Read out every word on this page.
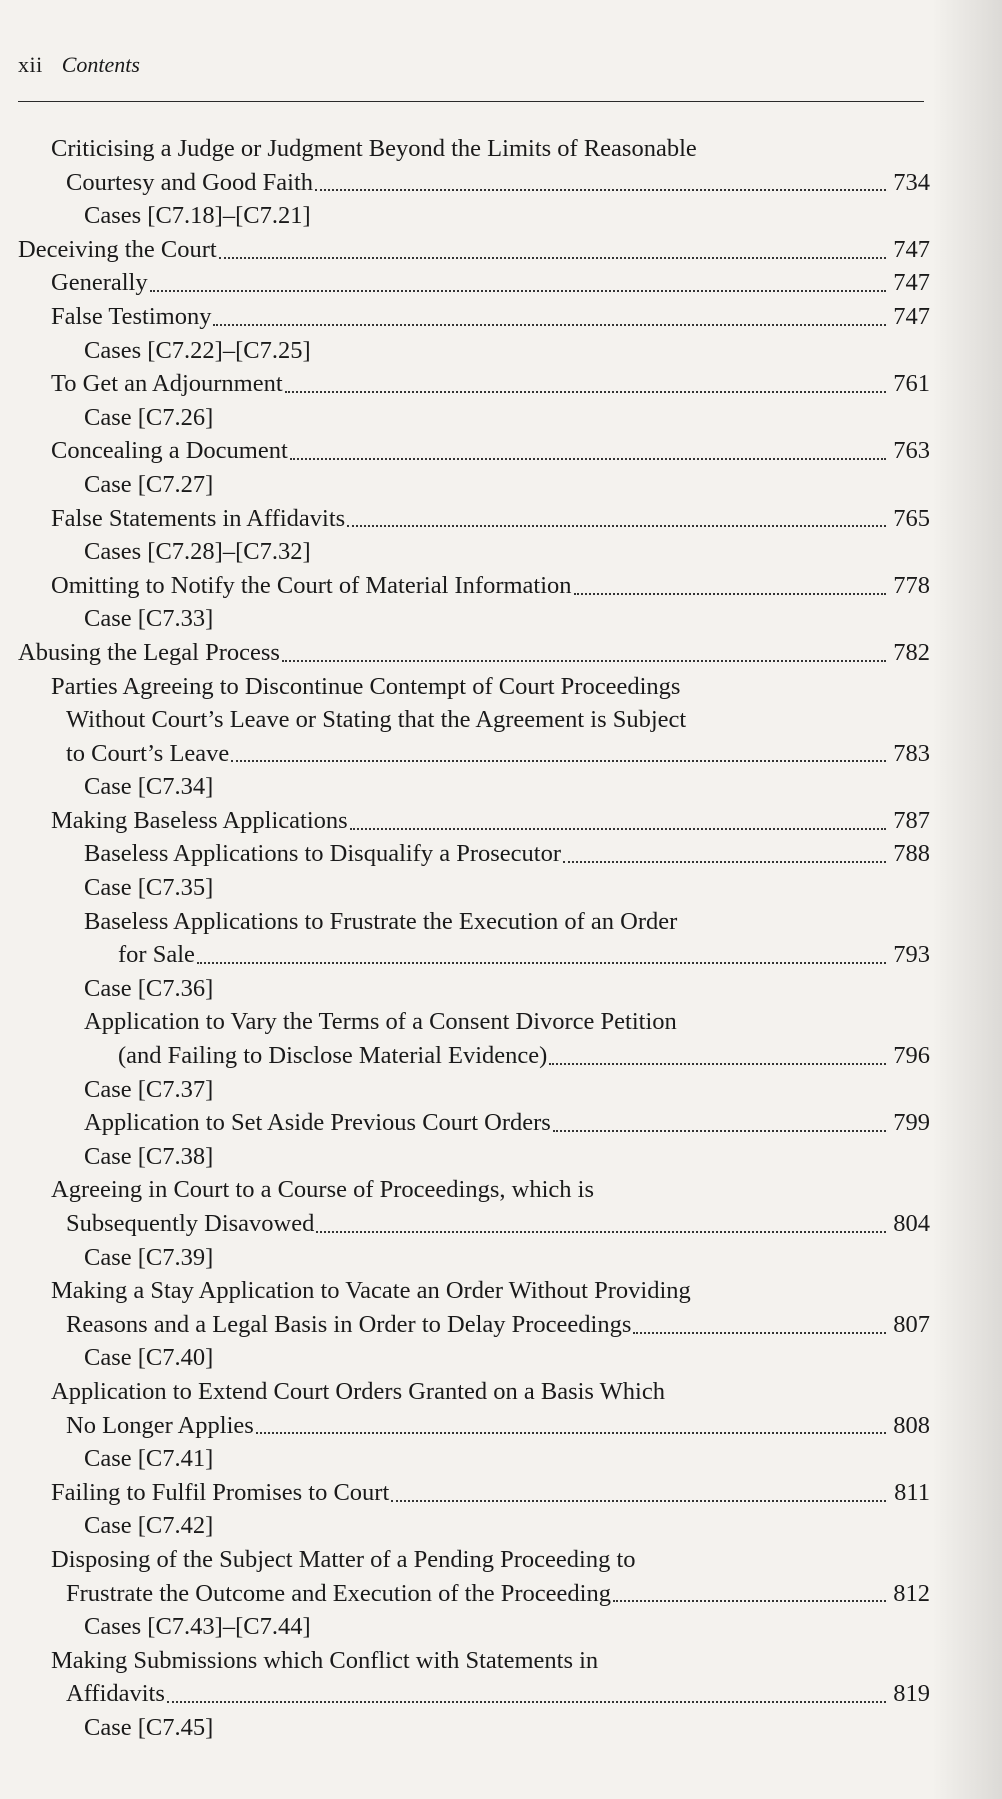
xii Contents
Criticising a Judge or Judgment Beyond the Limits of Reasonable
Courtesy and Good Faith	734
Cases [C7.18]–[C7.21]
Deceiving the Court	747
Generally	747
False Testimony	747
Cases [C7.22]–[C7.25]
To Get an Adjournment	761
Case [C7.26]
Concealing a Document	763
Case [C7.27]
False Statements in Affidavits	765
Cases [C7.28]–[C7.32]
Omitting to Notify the Court of Material Information	778
Case [C7.33]
Abusing the Legal Process	782
Parties Agreeing to Discontinue Contempt of Court Proceedings
Without Court’s Leave or Stating that the Agreement is Subject
to Court’s Leave	783
Case [C7.34]
Making Baseless Applications	787
Baseless Applications to Disqualify a Prosecutor	788
Case [C7.35]
Baseless Applications to Frustrate the Execution of an Order
for Sale	793
Case [C7.36]
Application to Vary the Terms of a Consent Divorce Petition
(and Failing to Disclose Material Evidence)	796
Case [C7.37]
Application to Set Aside Previous Court Orders	799
Case [C7.38]
Agreeing in Court to a Course of Proceedings, which is
Subsequently Disavowed	804
Case [C7.39]
Making a Stay Application to Vacate an Order Without Providing
Reasons and a Legal Basis in Order to Delay Proceedings	807
Case [C7.40]
Application to Extend Court Orders Granted on a Basis Which
No Longer Applies	808
Case [C7.41]
Failing to Fulfil Promises to Court	811
Case [C7.42]
Disposing of the Subject Matter of a Pending Proceeding to
Frustrate the Outcome and Execution of the Proceeding	812
Cases [C7.43]–[C7.44]
Making Submissions which Conflict with Statements in
Affidavits	819
Case [C7.45]
